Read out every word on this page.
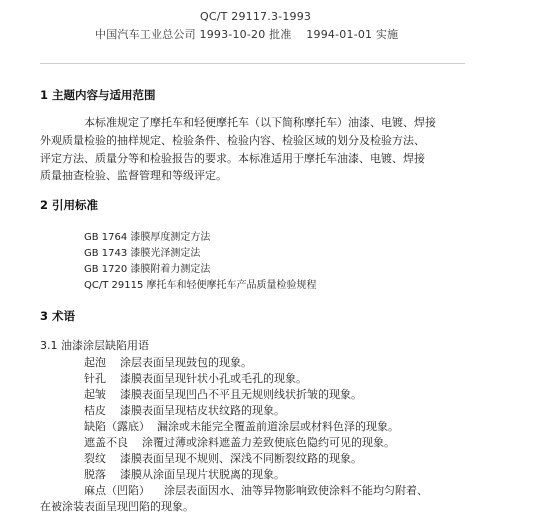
QC/T 29117.3-1993
中国汽车工业总公司 1993-10-20 批准    1994-01-01 实施
1 主题内容与适用范围
本标准规定了摩托车和轻便摩托车（以下简称摩托车）油漆、电镀、焊接
外观质量检验的抽样规定、检验条件、检验内容、检验区域的划分及检验方法、
评定方法、质量分等和检验报告的要求。本标准适用于摩托车油漆、电镀、焊接
质量抽查检验、监督管理和等级评定。
2 引用标准
GB 1764 漆膜厚度测定方法
GB 1743 漆膜光泽测定法
GB 1720 漆膜附着力测定法
QC/T 29115 摩托车和轻便摩托车产品质量检验规程
3 术语
3.1 油漆涂层缺陷用语
起泡    涂层表面呈现鼓包的现象。
针孔    漆膜表面呈现针状小孔或毛孔的现象。
起皱    漆膜表面呈现凹凸不平且无规则线状折皱的现象。
桔皮    漆膜表面呈现桔皮状纹路的现象。
缺陷（露底）  漏涂或未能完全覆盖前道涂层或材料色泽的现象。
遮盖不良    涂覆过薄或涂料遮盖力差致使底色隐约可见的现象。
裂纹    漆膜表面呈现不规则、深浅不同断裂纹路的现象。
脱落    漆膜从涂面呈现片状脱离的现象。
麻点（凹陷）    涂层表面因水、油等异物影响致使涂料不能均匀附着、
在被涂装表面呈现凹陷的现象。
